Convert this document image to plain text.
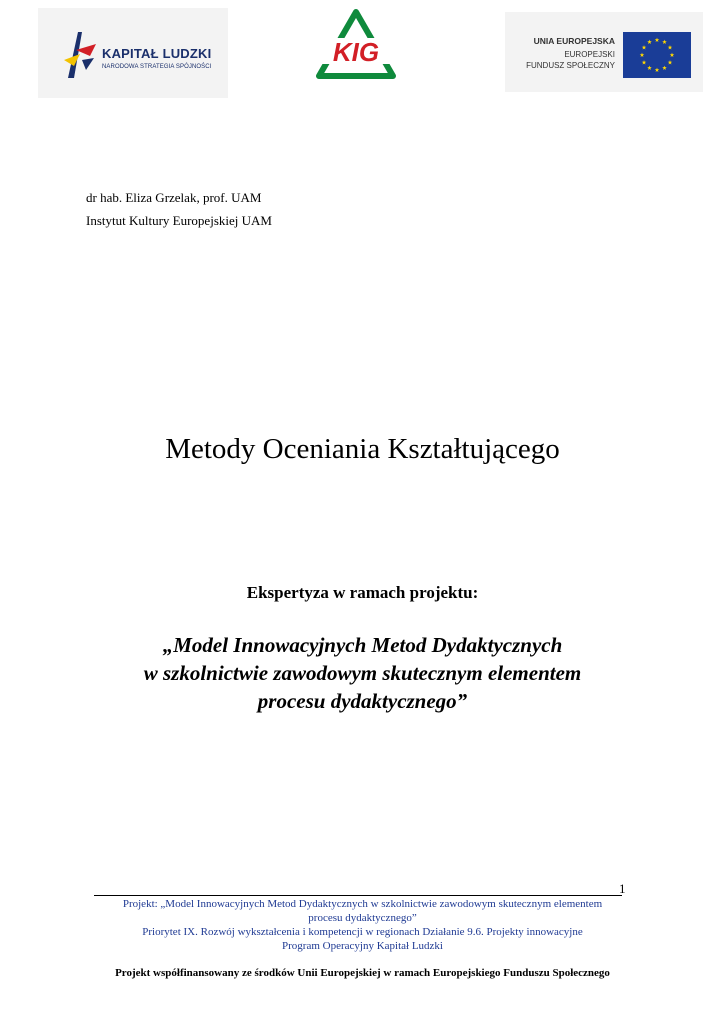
KAPITAŁ LUDZKI
NARODOWA STRATEGIA SPÓJNOŚCI	KIG	UNIA EUROPEJSKA
EUROPEJSKI
FUNDUSZ SPOŁECZNY
dr hab. Eliza Grzelak, prof. UAM
Instytut Kultury Europejskiej UAM
Metody Oceniania Kształtującego
Ekspertyza w ramach projektu:
„Model Innowacyjnych Metod Dydaktycznych
w szkolnictwie zawodowym skutecznym elementem
procesu dydaktycznego”
1
Projekt: „Model Innowacyjnych Metod Dydaktycznych w szkolnictwie zawodowym skutecznym elementem
procesu dydaktycznego”
Priorytet IX. Rozwój wykształcenia i kompetencji w regionach Działanie 9.6. Projekty innowacyjne
Program Operacyjny Kapitał Ludzki
Projekt współfinansowany ze środków Unii Europejskiej w ramach Europejskiego Funduszu Społecznego
